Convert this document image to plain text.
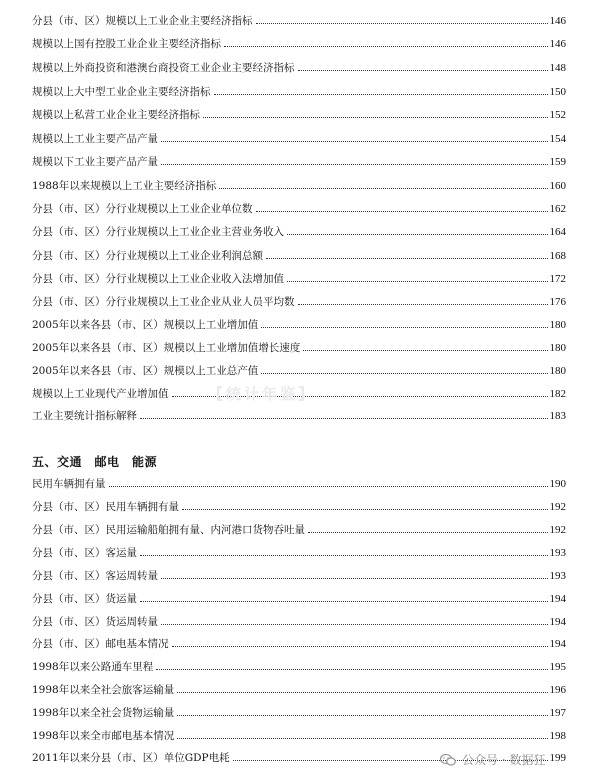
分县（市、区）规模以上工业企业主要经济指标	146
规模以上国有控股工业企业主要经济指标	146
规模以上外商投资和港澳台商投资工业企业主要经济指标	148
规模以上大中型工业企业主要经济指标	150
规模以上私营工业企业主要经济指标	152
规模以上工业主要产品产量	154
规模以下工业主要产品产量	159
1988年以来规模以上工业主要经济指标	160
分县（市、区）分行业规模以上工业企业单位数	162
分县（市、区）分行业规模以上工业企业主营业务收入	164
分县（市、区）分行业规模以上工业企业利润总额	168
分县（市、区）分行业规模以上工业企业收入法增加值	172
分县（市、区）分行业规模以上工业企业从业人员平均数	176
2005年以来各县（市、区）规模以上工业增加值	180
2005年以来各县（市、区）规模以上工业增加值增长速度	180
2005年以来各县（市、区）规模以上工业总产值	180
规模以上工业现代产业增加值	182
工业主要统计指标解释	183
【统计年鉴】
五、交通　邮电　能源
民用车辆拥有量	190
分县（市、区）民用车辆拥有量	192
分县（市、区）民用运输船舶拥有量、内河港口货物吞吐量	192
分县（市、区）客运量	193
分县（市、区）客运周转量	193
分县（市、区）货运量	194
分县（市、区）货运周转量	194
分县（市、区）邮电基本情况	194
1998年以来公路通车里程	195
1998年以来全社会旅客运输量	196
1998年以来全社会货物运输量	197
1998年以来全市邮电基本情况	198
2011年以来分县（市、区）单位GDP电耗	199
公众号 · 数据狂
